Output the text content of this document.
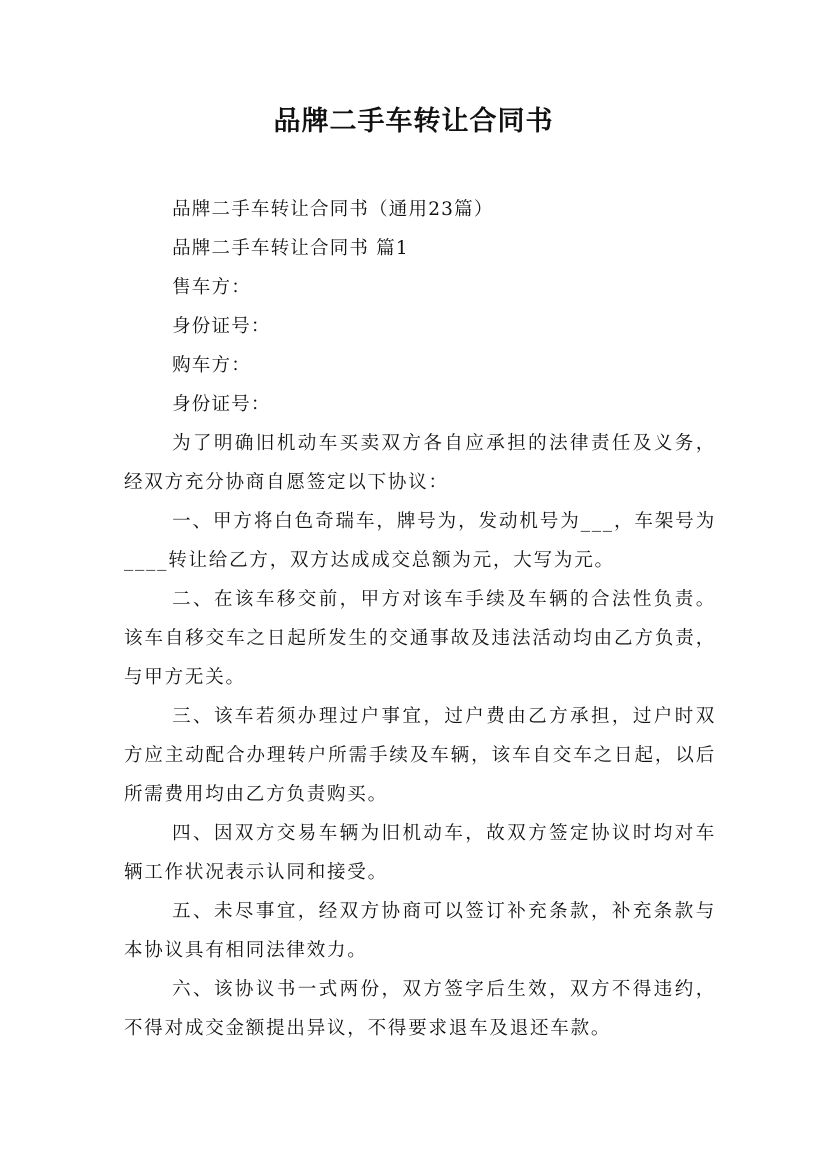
品牌二手车转让合同书

品牌二手车转让合同书（通用23篇）

品牌二手车转让合同书 篇1

售车方：

身份证号：

购车方：

身份证号：

为了明确旧机动车买卖双方各自应承担的法律责任及义务，经双方充分协商自愿签定以下协议：

一、甲方将白色奇瑞车，牌号为，发动机号为___，车架号为____转让给乙方，双方达成成交总额为元，大写为元。

二、在该车移交前，甲方对该车手续及车辆的合法性负责。该车自移交车之日起所发生的交通事故及违法活动均由乙方负责，与甲方无关。

三、该车若须办理过户事宜，过户费由乙方承担，过户时双方应主动配合办理转户所需手续及车辆，该车自交车之日起，以后所需费用均由乙方负责购买。

四、因双方交易车辆为旧机动车，故双方签定协议时均对车辆工作状况表示认同和接受。

五、未尽事宜，经双方协商可以签订补充条款，补充条款与本协议具有相同法律效力。

六、该协议书一式两份，双方签字后生效，双方不得违约，不得对成交金额提出异议，不得要求退车及退还车款。
